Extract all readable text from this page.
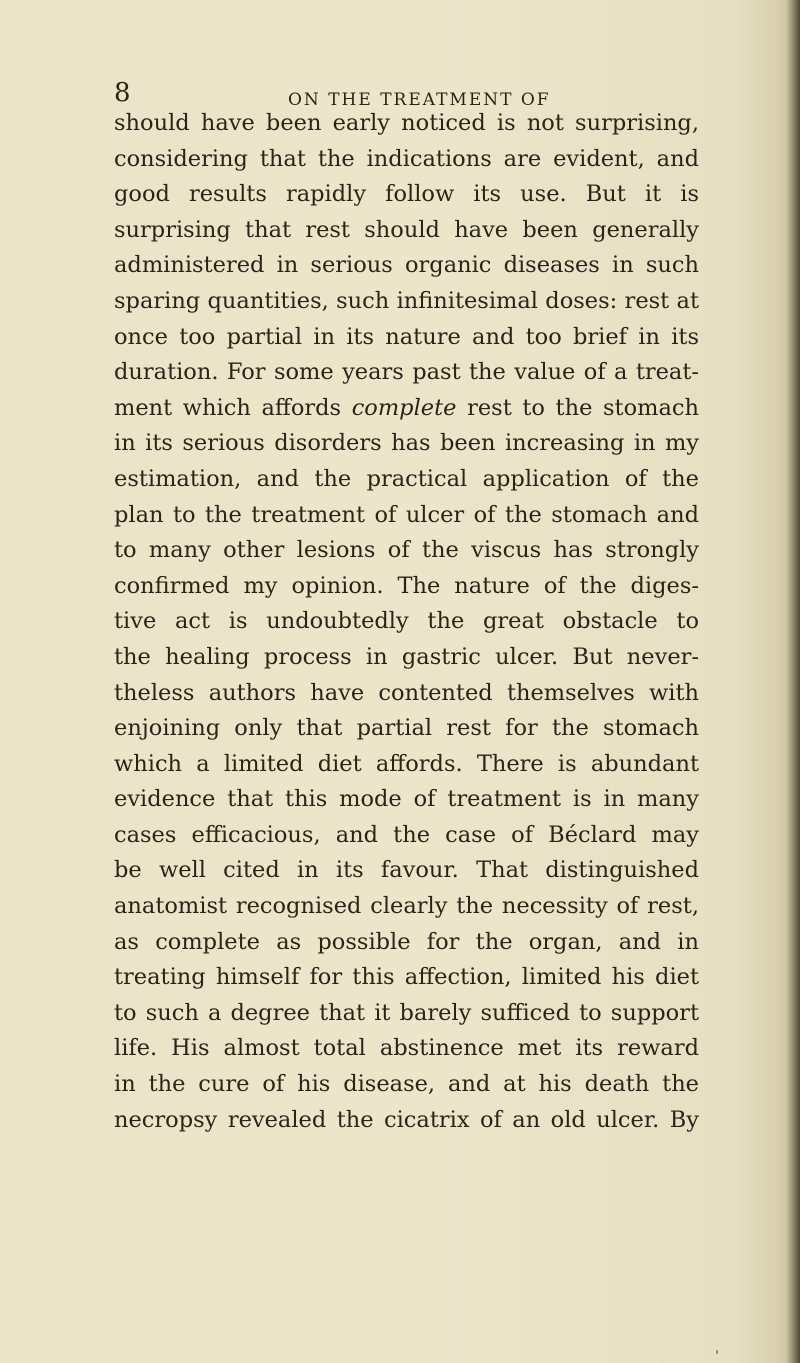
8	ON THE TREATMENT OF
should have been early noticed is not surprising,
considering that the indications are evident, and
good results rapidly follow its use. But it is
surprising that rest should have been generally
administered in serious organic diseases in such
sparing quantities, such infinitesimal doses: rest at
once too partial in its nature and too brief in its
duration. For some years past the value of a treat-
ment which affords complete rest to the stomach
in its serious disorders has been increasing in my
estimation, and the practical application of the
plan to the treatment of ulcer of the stomach and
to many other lesions of the viscus has strongly
confirmed my opinion. The nature of the diges-
tive act is undoubtedly the great obstacle to
the healing process in gastric ulcer. But never-
theless authors have contented themselves with
enjoining only that partial rest for the stomach
which a limited diet affords. There is abundant
evidence that this mode of treatment is in many
cases efficacious, and the case of Béclard may
be well cited in its favour. That distinguished
anatomist recognised clearly the necessity of rest,
as complete as possible for the organ, and in
treating himself for this affection, limited his diet
to such a degree that it barely sufficed to support
life. His almost total abstinence met its reward
in the cure of his disease, and at his death the
necropsy revealed the cicatrix of an old ulcer. By
